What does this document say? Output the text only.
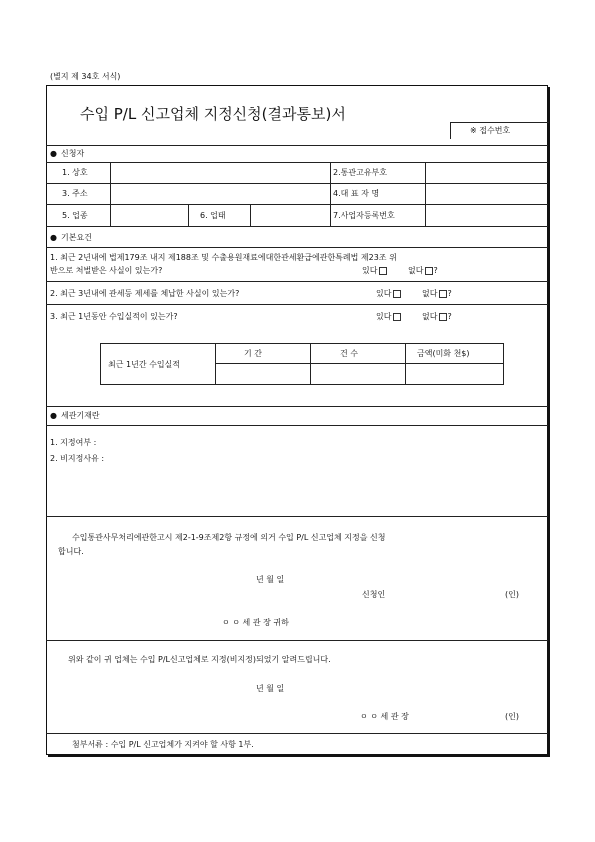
(별지 제 34호 서식)
수입 P/L 신고업체 지정신청(결과통보)서
※ 접수번호
● 신청자
1. 상호	2.통관고유부호
3. 주소	4.대 표 자 명
5. 업종	6. 업태	7.사업자등록번호
● 기본요건
1. 최근 2년내에 법제179조 내지 제188조 및 수출용원재료에대한관세환급에관한특례법 제23조 위
반으로 처벌받은 사실이 있는가?	있다	없다 ?
2. 최근 3년내에 관세등 제세를 체납한 사실이 있는가?	있다	없다 ?
3. 최근 1년동안 수입실적이 있는가?	있다	없다 ?
최근 1년간 수입실적
기 간	건 수	금액(미화 천$)
● 세관기재란
1. 지정여부 :
2. 비지정사유 :
수입통관사무처리에관한고시 제2-1-9조제2항 규정에 의거 수입 P/L 신고업체 지정을 신청
합니다.
년 월 일
신청인	(인)
ㅇ ㅇ 세 관 장 귀하
위와 같이 귀 업체는 수입 P/L신고업체로 지정(비지정)되었기 알려드립니다.
년 월 일
ㅇ ㅇ 세 관 장	(인)
첨부서류 : 수입 P/L 신고업체가 지켜야 할 사항 1부.
